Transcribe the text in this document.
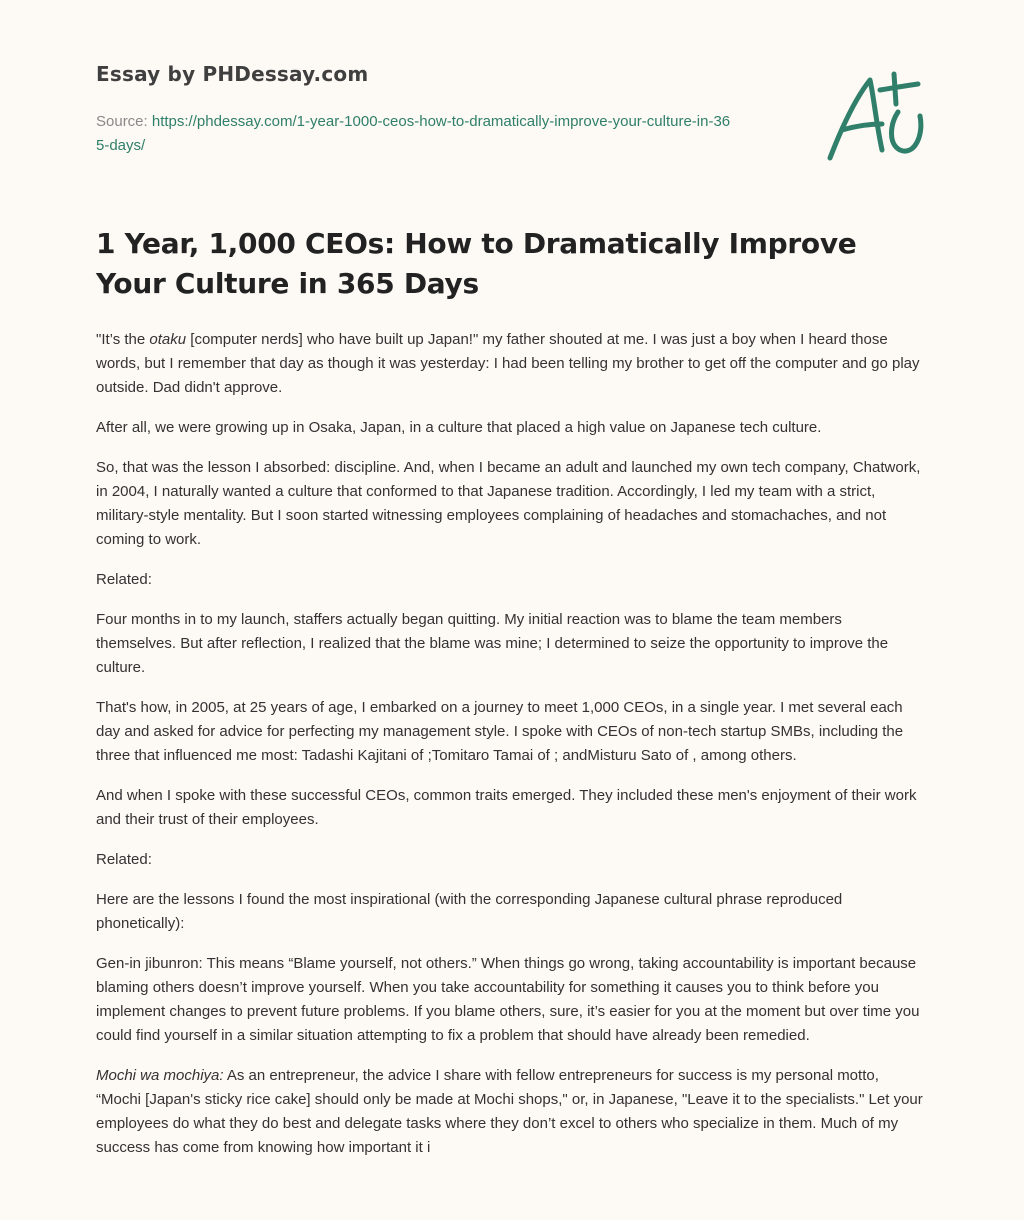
Essay by PHDessay.com
Source: https://phdessay.com/1-year-1000-ceos-how-to-dramatically-improve-your-culture-in-365-days/
1 Year, 1,000 CEOs: How to Dramatically Improve Your Culture in 365 Days

"It’s the otaku [computer nerds] who have built up Japan!" my father shouted at me. I was just a boy when I heard those words, but I remember that day as though it was yesterday: I had been telling my brother to get off the computer and go play outside. Dad didn't approve.

After all, we were growing up in Osaka, Japan, in a culture that placed a high value on Japanese tech culture.

So, that was the lesson I absorbed: discipline. And, when I became an adult and launched my own tech company, Chatwork, in 2004, I naturally wanted a culture that conformed to that Japanese tradition. Accordingly, I led my team with a strict, military-style mentality. But I soon started witnessing employees complaining of headaches and stomachaches, and not coming to work.

Related:

Four months in to my launch, staffers actually began quitting. My initial reaction was to blame the team members themselves. But after reflection, I realized that the blame was mine; I determined to seize the opportunity to improve the culture.

That's how, in 2005, at 25 years of age, I embarked on a journey to meet 1,000 CEOs, in a single year. I met several each day and asked for advice for perfecting my management style. I spoke with CEOs of non-tech startup SMBs, including the three that influenced me most: Tadashi Kajitani of ;Tomitaro Tamai of ; andMisturu Sato of , among others.

And when I spoke with these successful CEOs, common traits emerged. They included these men's enjoyment of their work and their trust of their employees.

Related:

Here are the lessons I found the most inspirational (with the corresponding Japanese cultural phrase reproduced phonetically):

Gen-in jibunron: This means “Blame yourself, not others.” When things go wrong, taking accountability is important because blaming others doesn’t improve yourself. When you take accountability for something it causes you to think before you implement changes to prevent future problems. If you blame others, sure, it’s easier for you at the moment but over time you could find yourself in a similar situation attempting to fix a problem that should have already been remedied.

Mochi wa mochiya: As an entrepreneur, the advice I share with fellow entrepreneurs for success is my personal motto, “Mochi [Japan's sticky rice cake] should only be made at Mochi shops," or, in Japanese, "Leave it to the specialists." Let your employees do what they do best and delegate tasks where they don’t excel to others who specialize in them. Much of my success has come from knowing how important it i
